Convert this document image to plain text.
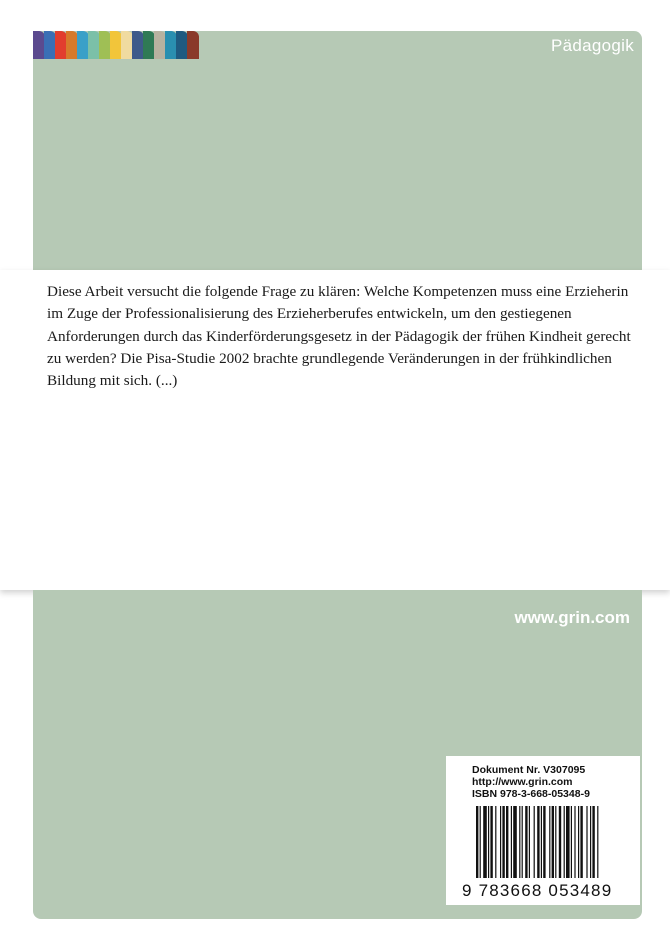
Pädagogik

Diese Arbeit versucht die folgende Frage zu klären: Welche Kompetenzen muss eine Erzieherin im Zuge der Professionalisierung des Erzieherberufes entwickeln, um den gestiegenen Anforderungen durch das Kinderförderungsgesetz in der Pädagogik der frühen Kindheit gerecht zu werden? Die Pisa-Studie 2002 brachte grundlegende Veränderungen in der frühkindlichen Bildung mit sich. (...)

www.grin.com
Dokument Nr. V307095
http://www.grin.com
ISBN 978-3-668-05348-9
9 783668 053489
